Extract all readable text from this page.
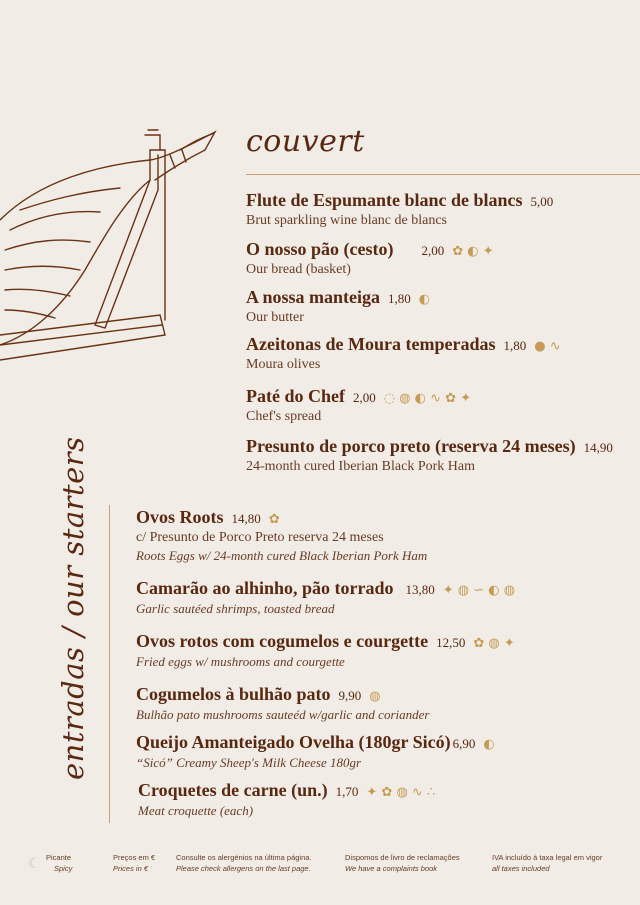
couvert
Flute de Espumante blanc de blancs 5,00
Brut sparkling wine blanc de blancs
O nosso pão (cesto) 2,00 ✿ ◐ ✦
Our bread (basket)
A nossa manteiga 1,80 ◐
Our butter
Azeitonas de Moura temperadas 1,80 ● ∿
Moura olives
Paté do Chef 2,00 ◌ ◍ ◐ ∿ ✿ ✦
Chef's spread
Presunto de porco preto (reserva 24 meses) 14,90
24-month cured Iberian Black Pork Ham
entradas / our starters	Ovos Roots 14,80 ✿
c/ Presunto de Porco Preto reserva 24 meses
Roots Eggs w/ 24-month cured Black Iberian Pork Ham
Camarão ao alhinho, pão torrado 13,80 ✦ ◍ ∽ ◐ ◍
Garlic sautéed shrimps, toasted bread
Ovos rotos com cogumelos e courgette 12,50 ✿ ◍ ✦
Fried eggs w/ mushrooms and courgette
Cogumelos à bulhão pato 9,90 ◍
Bulhão pato mushrooms sauteéd w/garlic and coriander
Queijo Amanteigado Ovelha (180gr Sicó) 6,90 ◐
“Sicó” Creamy Sheep's Milk Cheese 180gr
Croquetes de carne (un.) 1,70 ✦ ✿ ◍ ∿ ∴
Meat croquette (each)
☾ Picante
Spicy
Preços em €
Prices in €
Consulte os alergénios na última página.
Please check allergens on the last page.
Dispomos de livro de reclamações
We have a complaints book
IVA incluído à taxa legal em vigor
all taxes included
